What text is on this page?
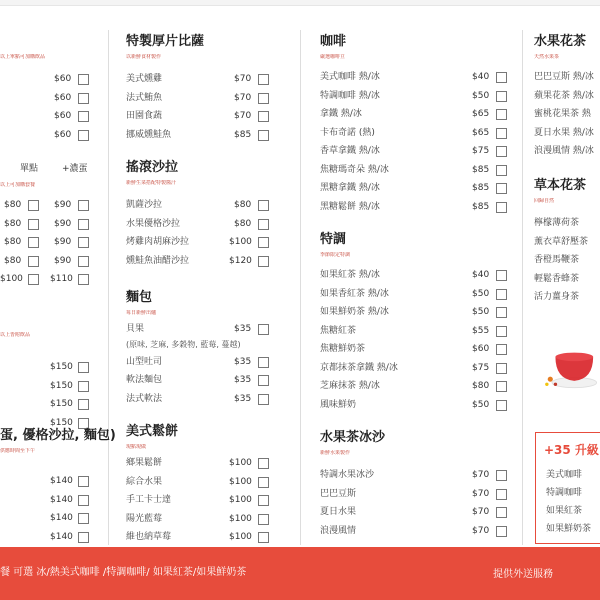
以上單點可加購飲品
$60
$60
$60
$60
單點	+濃蛋
以上可加購套餐
$80	$90
$80	$90
$80	$90
$80	$90
$100	$110
以上皆附飲品
$150
$150
$150
$150
蛋, 優格沙拉, 麵包)
供應時間至下午
$140
$140
$140
$140
特製厚片比薩
以新鮮食材製作
美式燻雞	$70
法式鮪魚	$70
田園食蔬	$70
挪威燻鮭魚	$85
搖滾沙拉
新鮮生菜搭配特製醬汁
凱薩沙拉	$80
水果優格沙拉	$80
烤雞肉胡麻沙拉	$100
燻鮭魚油醋沙拉	$120
麵包
每日新鮮出爐
貝果	$35
(原味, 芝麻, 多穀物, 藍莓, 蔓越)
山型吐司	$35
軟法麵包	$35
法式軟法	$35
美式鬆餅
現點現做
鄉果鬆餅	$100
綜合水果	$100
手工卡士達	$100
陽光藍莓	$100
維也納草莓	$100
咖啡
嚴選咖啡豆
美式咖啡 熱/冰	$40
特調咖啡 熱/冰	$50
拿鐵 熱/冰	$65
卡布奇諾 (熱)	$65
香草拿鐵 熱/冰	$75
焦糖瑪奇朵 熱/冰	$85
黑糖拿鐵 熱/冰	$85
黑糖鬆餅 熱/冰	$85
特調
季節限定特調
如果紅茶 熱/冰	$40
如果香紅茶 熱/冰	$50
如果鮮奶茶 熱/冰	$50
焦糖紅茶	$55
焦糖鮮奶茶	$60
京都抹茶拿鐵 熱/冰	$75
芝麻抹茶 熱/冰	$80
風味鮮奶	$50
水果茶冰沙
新鮮水果製作
特調水果冰沙	$70
巴巴豆斯	$70
夏日水果	$70
浪漫風情	$70
水果花茶
天然水果茶
巴巴豆斯 熱/冰
蘋果花茶 熱/冰
蜜桃花果茶 熱
夏日水果 熱/冰
浪漫風情 熱/冰
草本花茶
回歸自然
檸檬薄荷茶
薰衣草舒壓茶
香橙馬鞭茶
輕鬆香蜂茶
活力薑身茶
+35 升級
美式咖啡
特調咖啡
如果紅茶
如果鮮奶茶
餐 可選 冰/熱美式咖啡 /特調咖啡/ 如果紅茶/如果鮮奶茶	提供外送服務
